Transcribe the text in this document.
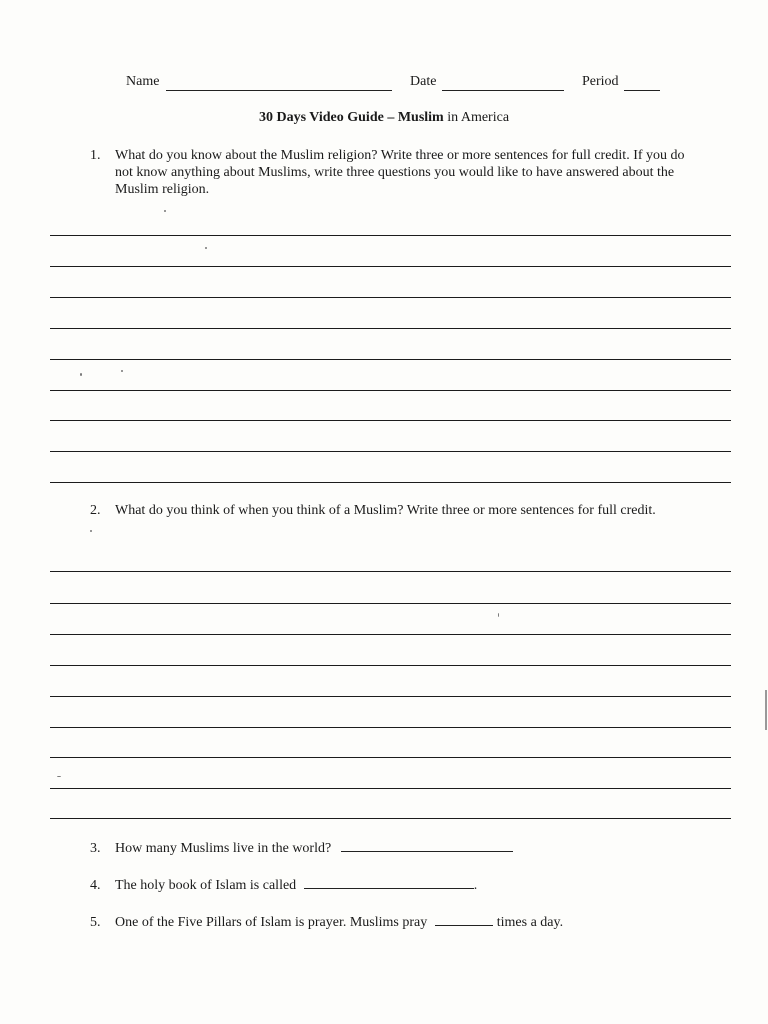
Name	Date	Period
30 Days Video Guide – Muslim in America
1. What do you know about the Muslim religion? Write three or more sentences for full credit. If you do not know anything about Muslims, write three questions you would like to have answered about the Muslim religion.
2. What do you think of when you think of a Muslim? Write three or more sentences for full credit.
3. How many Muslims live in the world?
4. The holy book of Islam is called	.
5. One of the Five Pillars of Islam is prayer. Muslims pray	times a day.
